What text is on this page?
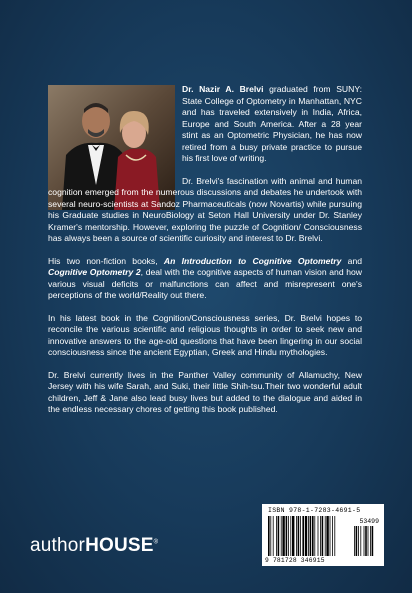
Dr. Nazir A. Brelvi graduated from SUNY: State College of Optometry in Manhattan, NYC and has traveled extensively in India, Africa, Europe and South America. After a 28 year stint as an Optometric Physician, he has now retired from a busy private practice to pursue his first love of writing.

Dr. Brelvi's fascination with animal and human cognition emerged from the numerous discussions and debates he undertook with several neuro-scientists at Sandoz Pharmaceuticals (now Novartis) while pursuing his Graduate studies in NeuroBiology at Seton Hall University under Dr. Stanley Kramer's mentorship. However, exploring the puzzle of Cognition/ Consciousness has always been a source of scientific curiosity and interest to Dr. Brelvi.

His two non-fiction books, An Introduction to Cognitive Optometry and Cognitive Optometry 2, deal with the cognitive aspects of human vision and how various visual deficits or malfunctions can affect and misrepresent one's perceptions of the world/Reality out there.

In his latest book in the Cognition/Consciousness series, Dr. Brelvi hopes to reconcile the various scientific and religious thoughts in order to seek new and innovative answers to the age-old questions that have been lingering in our social consciousness since the ancient Egyptian, Greek and Hindu mythologies.

Dr. Brelvi currently lives in the Panther Valley community of Allamuchy, New Jersey with his wife Sarah, and Suki, their little Shih-tsu.Their two wonderful adult children, Jeff & Jane also lead busy lives but added to the dialogue and aided in the endless necessary chores of getting this book published.

authorHOUSE®
ISBN 978-1-7283-4691-5
53499
9 781728 346915
